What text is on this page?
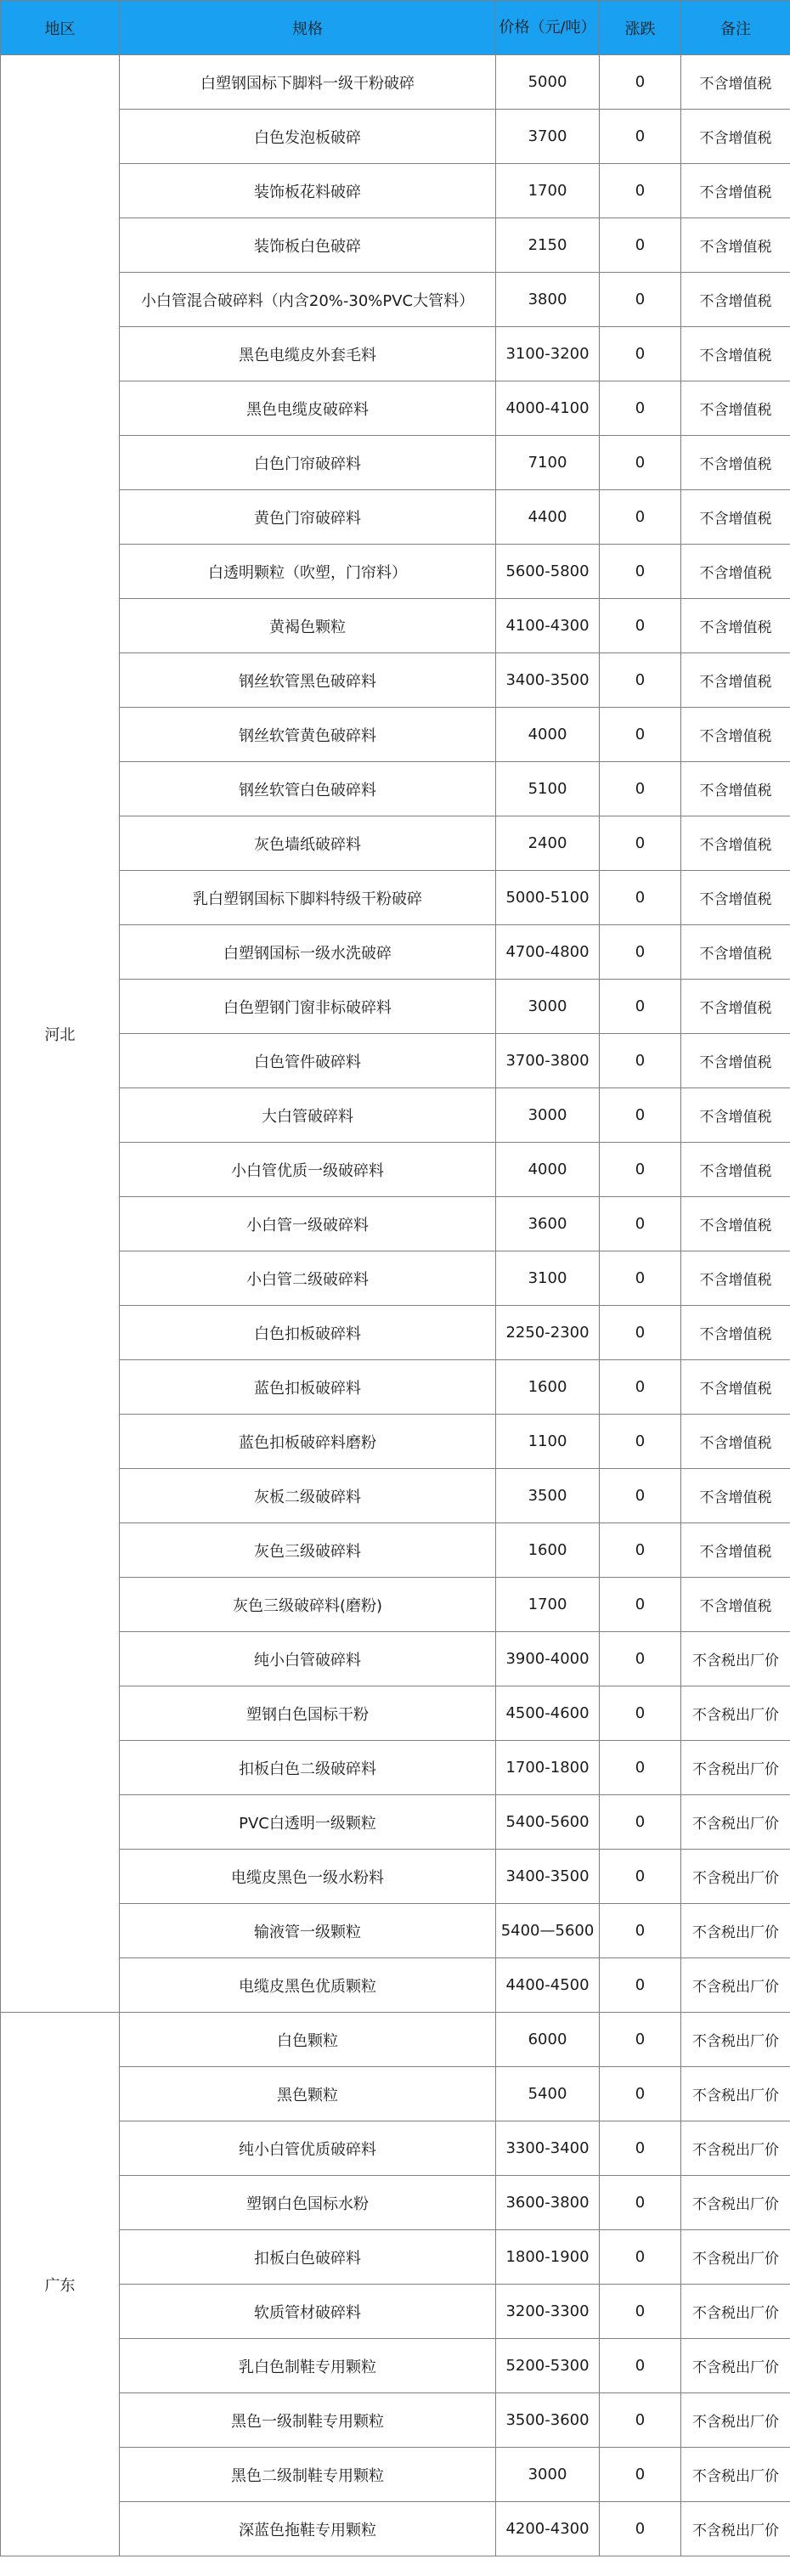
地区	规格	价格（元/吨）	涨跌	备注
河北	白塑钢国标下脚料一级干粉破碎	5000	0	不含增值税
	白色发泡板破碎	3700	0	不含增值税
	装饰板花料破碎	1700	0	不含增值税
	装饰板白色破碎	2150	0	不含增值税
	小白管混合破碎料（内含20%-30%PVC大管料）	3800	0	不含增值税
	黑色电缆皮外套毛料	3100-3200	0	不含增值税
	黑色电缆皮破碎料	4000-4100	0	不含增值税
	白色门帘破碎料	7100	0	不含增值税
	黄色门帘破碎料	4400	0	不含增值税
	白透明颗粒（吹塑，门帘料）	5600-5800	0	不含增值税
	黄褐色颗粒	4100-4300	0	不含增值税
	钢丝软管黑色破碎料	3400-3500	0	不含增值税
	钢丝软管黄色破碎料	4000	0	不含增值税
	钢丝软管白色破碎料	5100	0	不含增值税
	灰色墙纸破碎料	2400	0	不含增值税
	乳白塑钢国标下脚料特级干粉破碎	5000-5100	0	不含增值税
	白塑钢国标一级水洗破碎	4700-4800	0	不含增值税
	白色塑钢门窗非标破碎料	3000	0	不含增值税
	白色管件破碎料	3700-3800	0	不含增值税
	大白管破碎料	3000	0	不含增值税
	小白管优质一级破碎料	4000	0	不含增值税
	小白管一级破碎料	3600	0	不含增值税
	小白管二级破碎料	3100	0	不含增值税
	白色扣板破碎料	2250-2300	0	不含增值税
	蓝色扣板破碎料	1600	0	不含增值税
	蓝色扣板破碎料磨粉	1100	0	不含增值税
	灰板二级破碎料	3500	0	不含增值税
	灰色三级破碎料	1600	0	不含增值税
	灰色三级破碎料(磨粉)	1700	0	不含增值税
	纯小白管破碎料	3900-4000	0	不含税出厂价
	塑钢白色国标干粉	4500-4600	0	不含税出厂价
	扣板白色二级破碎料	1700-1800	0	不含税出厂价
	PVC白透明一级颗粒	5400-5600	0	不含税出厂价
	电缆皮黑色一级水粉料	3400-3500	0	不含税出厂价
	输液管一级颗粒	5400—5600	0	不含税出厂价
	电缆皮黑色优质颗粒	4400-4500	0	不含税出厂价
广东	白色颗粒	6000	0	不含税出厂价
	黑色颗粒	5400	0	不含税出厂价
	纯小白管优质破碎料	3300-3400	0	不含税出厂价
	塑钢白色国标水粉	3600-3800	0	不含税出厂价
	扣板白色破碎料	1800-1900	0	不含税出厂价
	软质管材破碎料	3200-3300	0	不含税出厂价
	乳白色制鞋专用颗粒	5200-5300	0	不含税出厂价
	黑色一级制鞋专用颗粒	3500-3600	0	不含税出厂价
	黑色二级制鞋专用颗粒	3000	0	不含税出厂价
	深蓝色拖鞋专用颗粒	4200-4300	0	不含税出厂价
